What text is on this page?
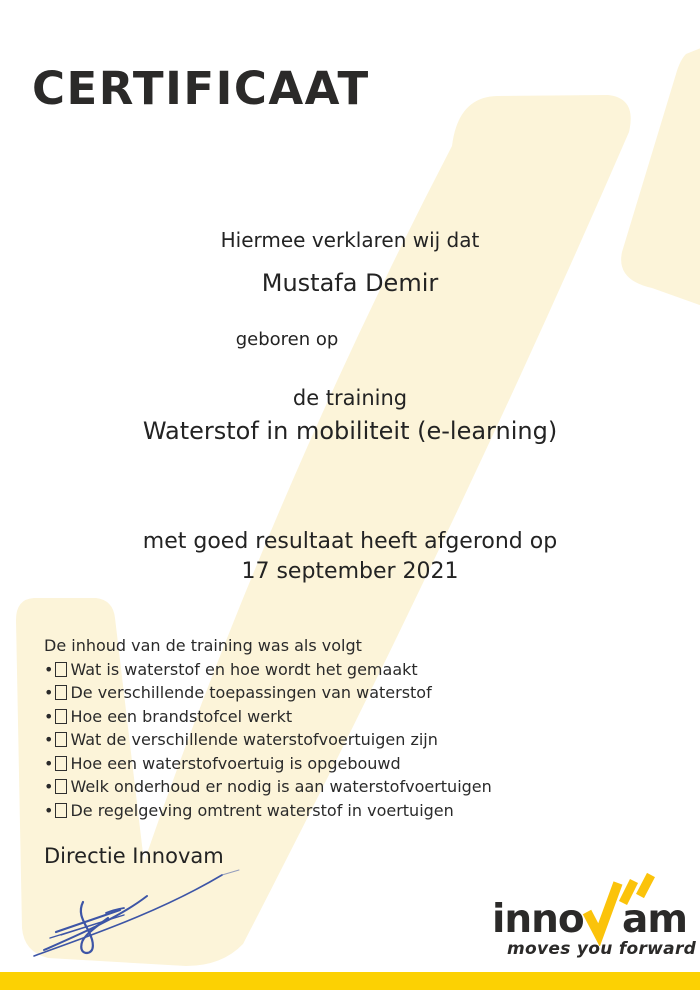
CERTIFICAAT
Hiermee verklaren wij dat
Mustafa Demir
geboren op
de training
Waterstof in mobiliteit (e-learning)
met goed resultaat heeft afgerond op
17 september 2021
De inhoud van de training was als volgt
• Wat is waterstof en hoe wordt het gemaakt
• De verschillende toepassingen van waterstof
• Hoe een brandstofcel werkt
• Wat de verschillende waterstofvoertuigen zijn
• Hoe een waterstofvoertuig is opgebouwd
• Welk onderhoud er nodig is aan waterstofvoertuigen
• De regelgeving omtrent waterstof in voertuigen
Directie Innovam
inno am
moves you forward
